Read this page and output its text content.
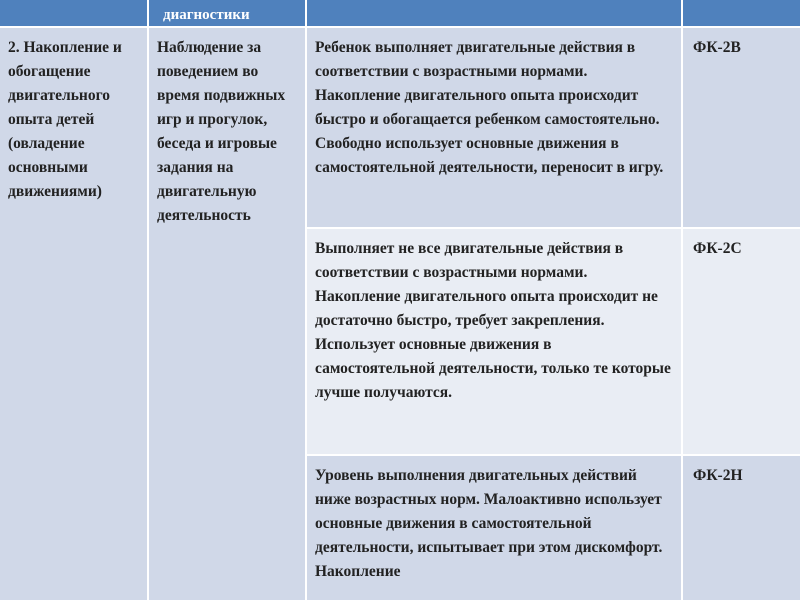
диагностики
2. Накопление и обогащение двигательного опыта детей (овладение основными движениями)
Наблюдение за поведением во время подвижных игр и прогулок, беседа и игровые задания на двигательную деятельность
Ребенок выполняет двигательные действия в соответствии с возрастными нормами. Накопление двигательного опыта происходит быстро и обогащается ребенком самостоятельно. Свободно использует основные движения в самостоятельной деятельности, переносит в игру.
ФК-2В
Выполняет не все двигательные действия в соответствии с возрастными нормами. Накопление двигательного опыта происходит не достаточно быстро, требует закрепления. Использует основные движения в самостоятельной деятельности, только те которые лучше получаются.
ФК-2С
Уровень выполнения двигательных действий ниже возрастных норм. Малоактивно использует основные движения в самостоятельной деятельности, испытывает при этом дискомфорт. Накопление
ФК-2Н
